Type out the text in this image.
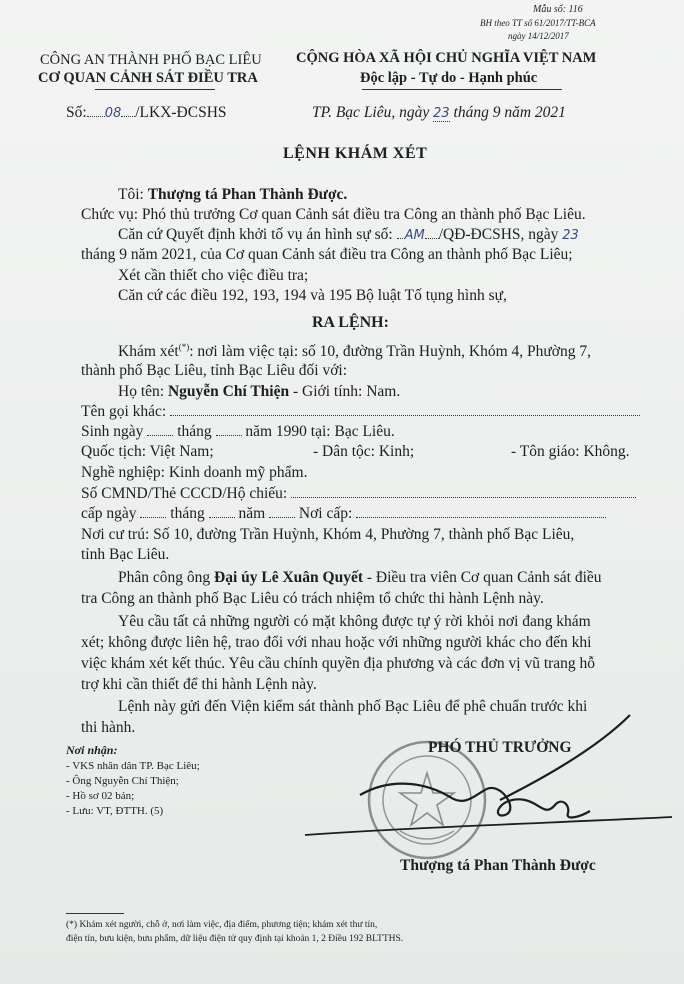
Mẫu số: 116
BH theo TT số 61/2017/TT-BCA
ngày 14/12/2017
CÔNG AN THÀNH PHỐ BẠC LIÊU
CƠ QUAN CẢNH SÁT ĐIỀU TRA
CỘNG HÒA XÃ HỘI CHỦ NGHĨA VIỆT NAM
Độc lập - Tự do - Hạnh phúc
Số: 08 /LKX-ĐCSHS	TP. Bạc Liêu, ngày 23 tháng 9 năm 2021
LỆNH KHÁM XÉT
Tôi: Thượng tá Phan Thành Được.
Chức vụ: Phó thủ trưởng Cơ quan Cảnh sát điều tra Công an thành phố Bạc Liêu.
Căn cứ Quyết định khởi tố vụ án hình sự số: AM /QĐ-ĐCSHS, ngày 23
tháng 9 năm 2021, của Cơ quan Cảnh sát điều tra Công an thành phố Bạc Liêu;
Xét cần thiết cho việc điều tra;
Căn cứ các điều 192, 193, 194 và 195 Bộ luật Tố tụng hình sự,
RA LỆNH:
Khám xét(*): nơi làm việc tại: số 10, đường Trần Huỳnh, Khóm 4, Phường 7,
thành phố Bạc Liêu, tỉnh Bạc Liêu đối với:
Họ tên: Nguyễn Chí Thiện - Giới tính: Nam.
Tên gọi khác:
Sinh ngày tháng năm 1990 tại: Bạc Liêu.
Quốc tịch: Việt Nam;	- Dân tộc: Kinh;	- Tôn giáo: Không.
Nghề nghiệp: Kinh doanh mỹ phẩm.
Số CMND/Thẻ CCCD/Hộ chiếu:
cấp ngày tháng năm Nơi cấp:
Nơi cư trú: Số 10, đường Trần Huỳnh, Khóm 4, Phường 7, thành phố Bạc Liêu,
tỉnh Bạc Liêu.
Phân công ông Đại úy Lê Xuân Quyết - Điều tra viên Cơ quan Cảnh sát điều
tra Công an thành phố Bạc Liêu có trách nhiệm tổ chức thi hành Lệnh này.
Yêu cầu tất cả những người có mặt không được tự ý rời khỏi nơi đang khám
xét; không được liên hệ, trao đổi với nhau hoặc với những người khác cho đến khi
việc khám xét kết thúc. Yêu cầu chính quyền địa phương và các đơn vị vũ trang hỗ
trợ khi cần thiết để thi hành Lệnh này.
Lệnh này gửi đến Viện kiểm sát thành phố Bạc Liêu để phê chuẩn trước khi
thi hành.
Nơi nhận:
- VKS nhân dân TP. Bạc Liêu;
- Ông Nguyễn Chí Thiện;
- Hồ sơ 02 bản;
- Lưu: VT, ĐTTH. (5)
PHÓ THỦ TRƯỞNG
Thượng tá Phan Thành Được
(*) Khám xét người, chỗ ở, nơi làm việc, địa điểm, phương tiện; khám xét thư tín,
điện tín, bưu kiện, bưu phẩm, dữ liệu điện tử quy định tại khoản 1, 2 Điều 192 BLTTHS.
